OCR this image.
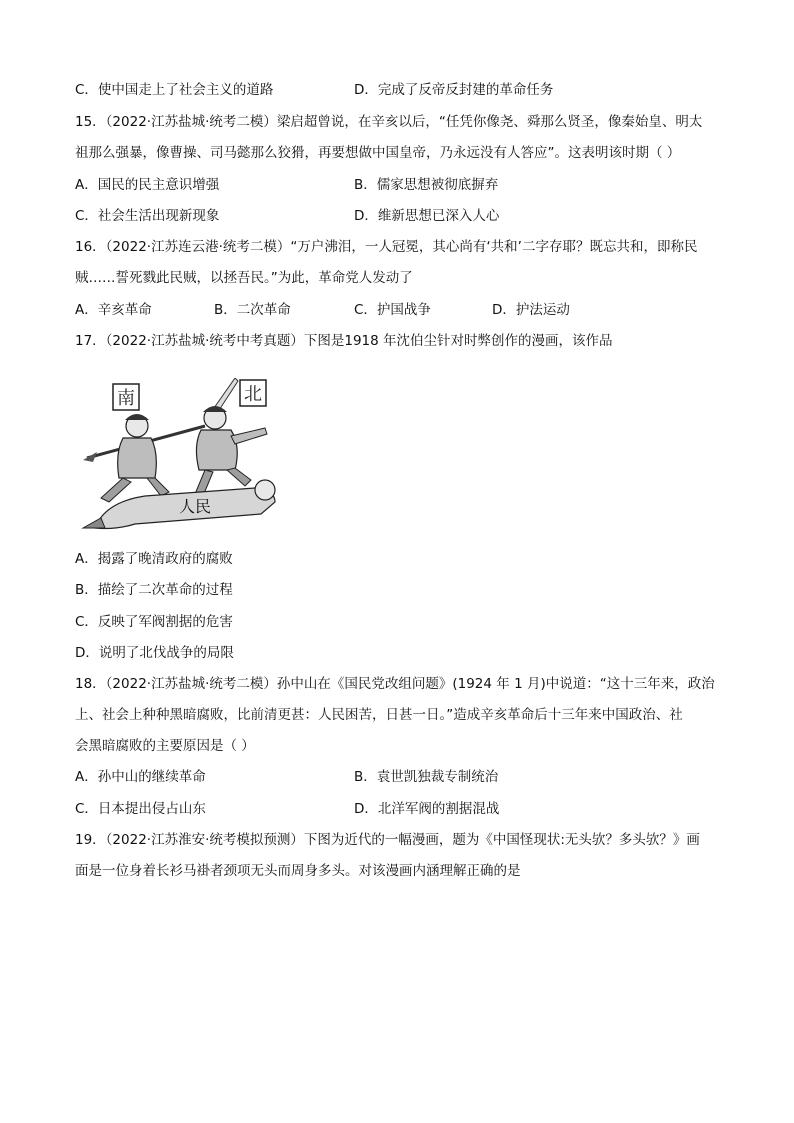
C．使中国走上了社会主义的道路	D．完成了反帝反封建的革命任务
15．（2022·江苏盐城·统考二模）梁启超曾说，在辛亥以后，“任凭你像尧、舜那么贤圣，像秦始皇、明太
祖那么强暴，像曹操、司马懿那么狡猾，再要想做中国皇帝，乃永远没有人答应”。这表明该时期（ ）
A．国民的民主意识增强	B．儒家思想被彻底摒弃
C．社会生活出现新现象	D．维新思想已深入人心
16．（2022·江苏连云港·统考二模）“万户沸泪，一人冠冕，其心尚有‘共和’二字存耶？既忘共和，即称民
贼……誓死戮此民贼，以拯吾民。”为此，革命党人发动了
A．辛亥革命	B．二次革命	C．护国战争	D．护法运动
17．（2022·江苏盐城·统考中考真题）下图是1918 年沈伯尘针对时弊创作的漫画，该作品
南	北
人民
A．揭露了晚清政府的腐败
B．描绘了二次革命的过程
C．反映了军阀割据的危害
D．说明了北伐战争的局限
18．（2022·江苏盐城·统考二模）孙中山在《国民党改组问题》(1924 年 1 月)中说道：“这十三年来，政治
上、社会上种种黑暗腐败，比前清更甚：人民困苦，日甚一日。”造成辛亥革命后十三年来中国政治、社
会黑暗腐败的主要原因是（ ）
A．孙中山的继续革命	B．袁世凯独裁专制统治
C．日本提出侵占山东	D．北洋军阀的割据混战
19．（2022·江苏淮安·统考模拟预测）下图为近代的一幅漫画，题为《中国怪现状:无头欤？多头欤？》画
面是一位身着长衫马褂者颈项无头而周身多头。对该漫画内涵理解正确的是
